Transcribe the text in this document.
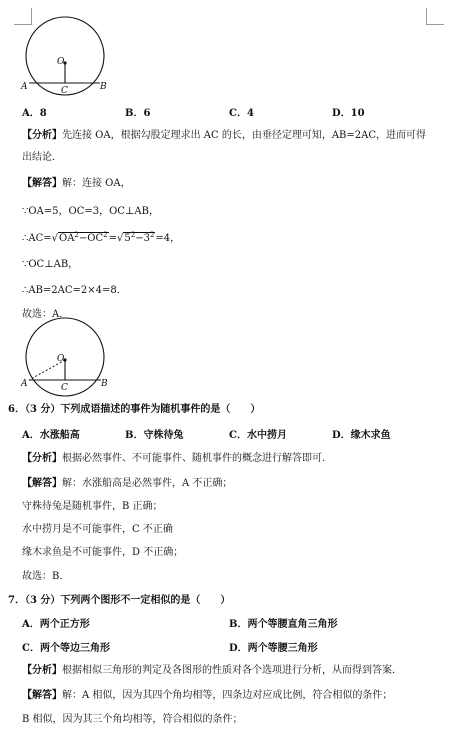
O
C
A	B
A．8	B．6	C．4	D．10
【分析】先连接 OA，根据勾股定理求出 AC 的长，由垂径定理可知，AB=2AC，进而可得
出结论．
【解答】解：连接 OA，
∵OA=5，OC=3，OC⊥AB，
$\therefore AC=√OA^2-OC^2=√5^2-3^2=4$，
∵OC⊥AB，
∴AB=2AC=2×4=8．
故选：A．
O
C
A	B
6．（3 分）下列成语描述的事件为随机事件的是（　　）
A．水涨船高	B．守株待兔	C．水中捞月	D．缘木求鱼
【分析】根据必然事件、不可能事件、随机事件的概念进行解答即可．
【解答】解：水涨船高是必然事件，A 不正确；
守株待兔是随机事件，B 正确；
水中捞月是不可能事件，C 不正确
缘木求鱼是不可能事件，D 不正确；
故选：B．
7．（3 分）下列两个图形不一定相似的是（　　）
A．两个正方形	B．两个等腰直角三角形
C．两个等边三角形	D．两个等腰三角形
【分析】根据相似三角形的判定及各图形的性质对各个选项进行分析，从而得到答案．
【解答】解：A 相似，因为其四个角均相等，四条边对应成比例，符合相似的条件；
B 相似，因为其三个角均相等，符合相似的条件；
